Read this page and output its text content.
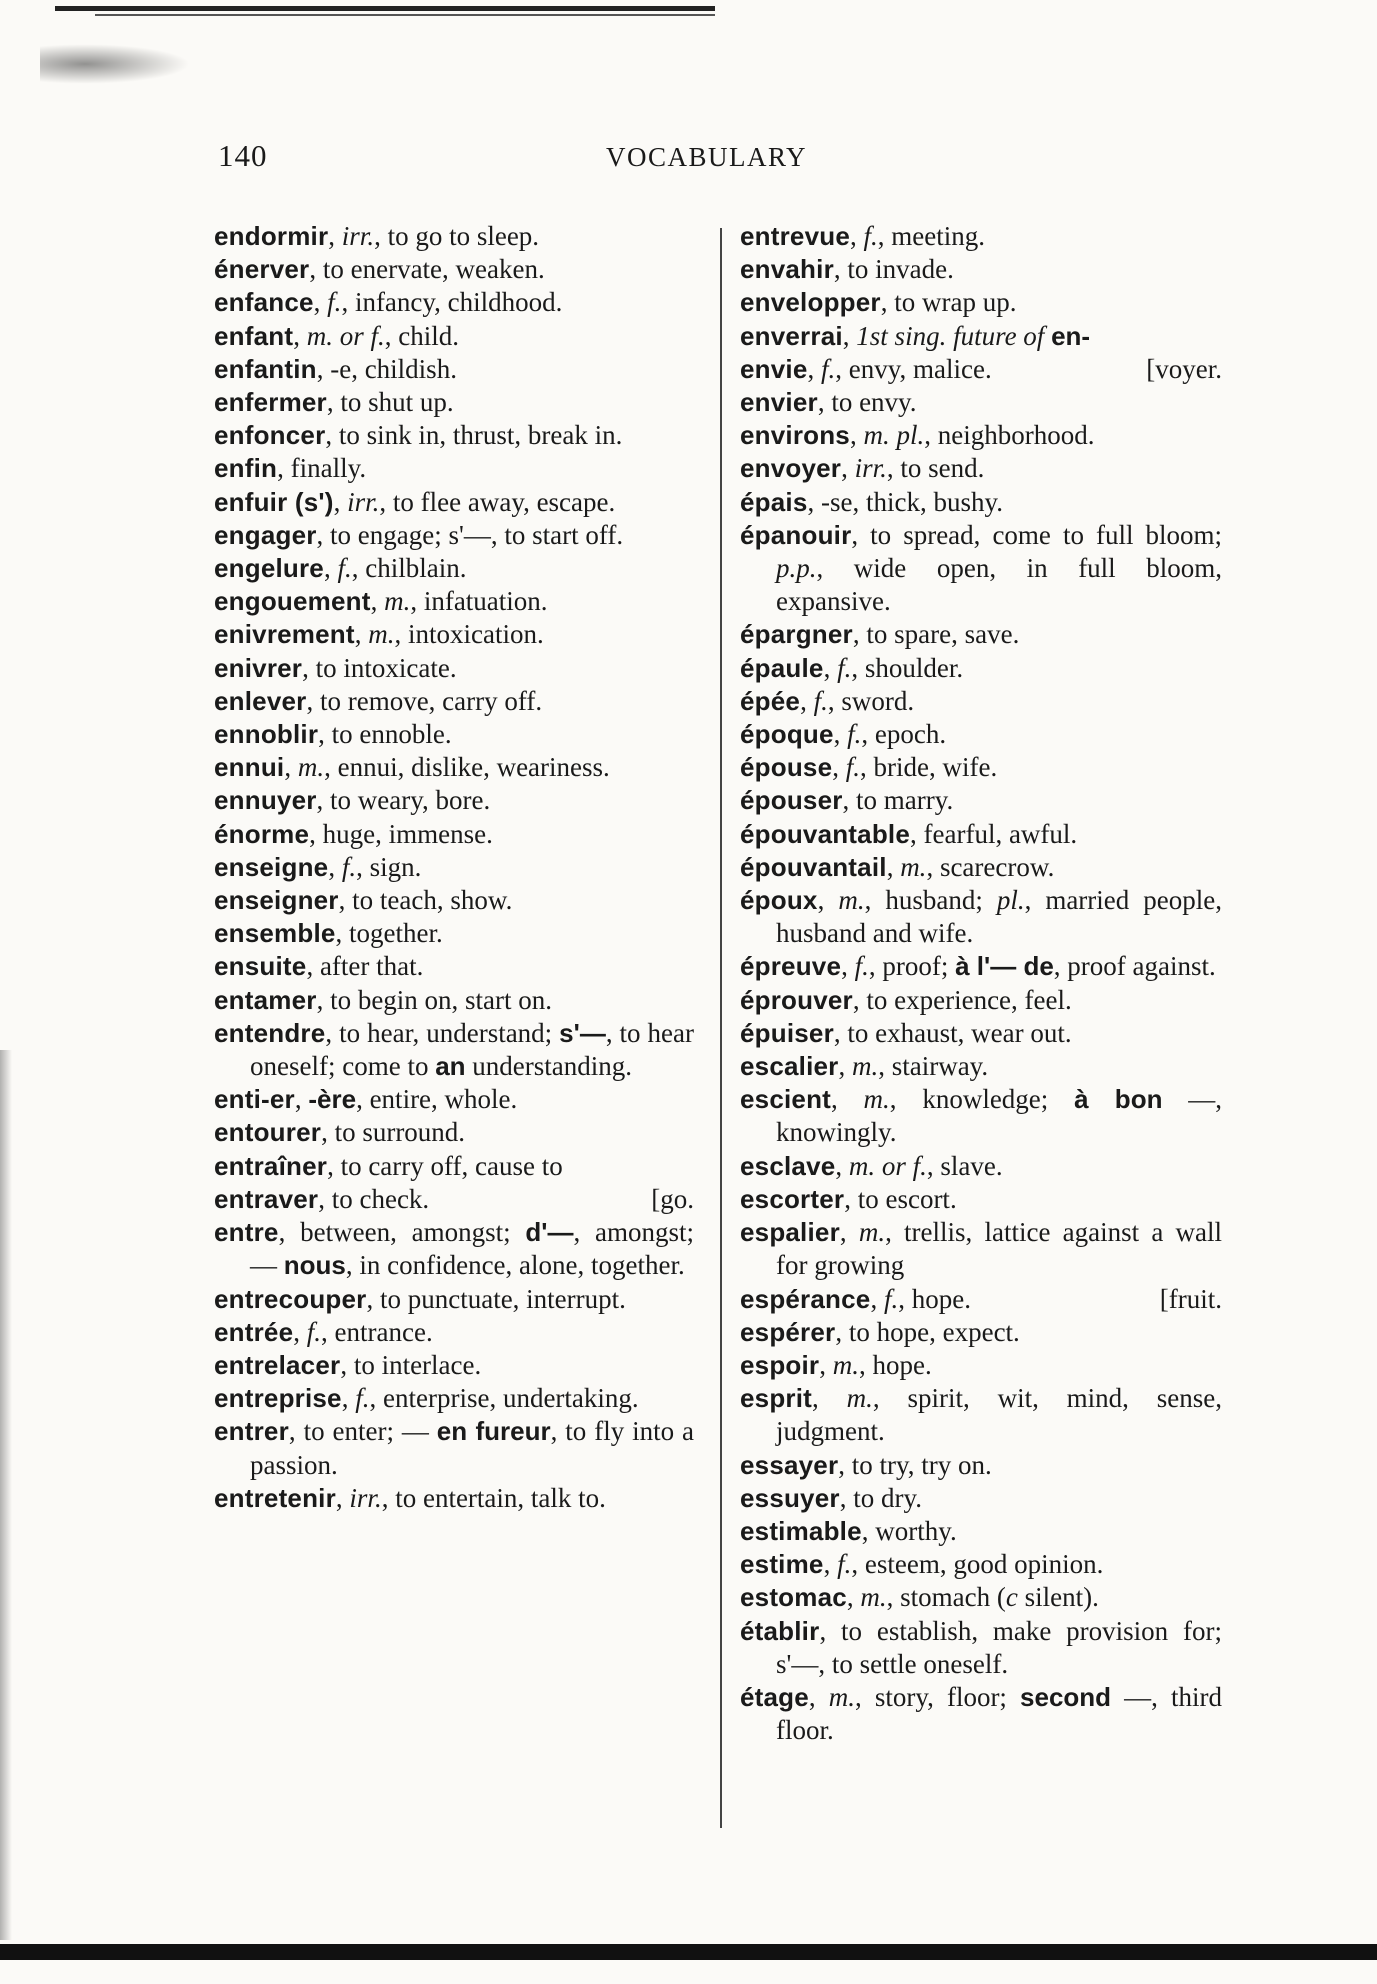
140	VOCABULARY
endormir, irr., to go to sleep.
énerver, to enervate, weaken.
enfance, f., infancy, childhood.
enfant, m. or f., child.
enfantin, -e, childish.
enfermer, to shut up.
enfoncer, to sink in, thrust, break in.
enfin, finally.
enfuir (s'), irr., to flee away, escape.
engager, to engage; s'—, to start off.
engelure, f., chilblain.
engouement, m., infatuation.
enivrement, m., intoxication.
enivrer, to intoxicate.
enlever, to remove, carry off.
ennoblir, to ennoble.
ennui, m., ennui, dislike, weariness.
ennuyer, to weary, bore.
énorme, huge, immense.
enseigne, f., sign.
enseigner, to teach, show.
ensemble, together.
ensuite, after that.
entamer, to begin on, start on.
entendre, to hear, understand; s'—, to hear oneself; come to an understanding.
enti-er, -ère, entire, whole.
entourer, to surround.
entraîner, to carry off, cause to
entraver, to check.	[go.
entre, between, amongst; d'—, amongst; — nous, in confidence, alone, together.
entrecouper, to punctuate, interrupt.
entrée, f., entrance.
entrelacer, to interlace.
entreprise, f., enterprise, undertaking.
entrer, to enter; — en fureur, to fly into a passion.
entretenir, irr., to entertain, talk to.
entrevue, f., meeting.
envahir, to invade.
envelopper, to wrap up.
enverrai, 1st sing. future of en-
envie, f., envy, malice.	[voyer.
envier, to envy.
environs, m. pl., neighborhood.
envoyer, irr., to send.
épais, -se, thick, bushy.
épanouir, to spread, come to full bloom; p.p., wide open, in full bloom, expansive.
épargner, to spare, save.
épaule, f., shoulder.
épée, f., sword.
époque, f., epoch.
épouse, f., bride, wife.
épouser, to marry.
épouvantable, fearful, awful.
épouvantail, m., scarecrow.
époux, m., husband; pl., married people, husband and wife.
épreuve, f., proof; à l'— de, proof against.
éprouver, to experience, feel.
épuiser, to exhaust, wear out.
escalier, m., stairway.
escient, m., knowledge; à bon —, knowingly.
esclave, m. or f., slave.
escorter, to escort.
espalier, m., trellis, lattice against a wall for growing
espérance, f., hope.	[fruit.
espérer, to hope, expect.
espoir, m., hope.
esprit, m., spirit, wit, mind, sense, judgment.
essayer, to try, try on.
essuyer, to dry.
estimable, worthy.
estime, f., esteem, good opinion.
estomac, m., stomach (c silent).
établir, to establish, make provision for; s'—, to settle oneself.
étage, m., story, floor; second —, third floor.
